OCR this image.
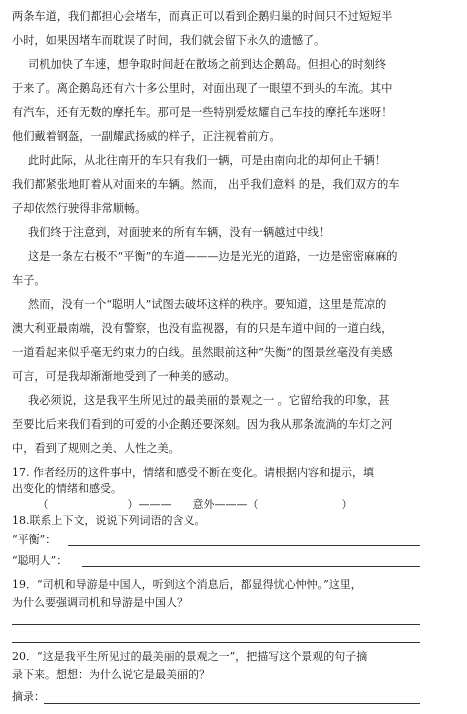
两条车道，我们都担心会堵车，而真正可以看到企鹅归巢的时间只不过短短半
小时，如果因堵车而耽误了时间，我们就会留下永久的遗憾了。
司机加快了车速，想争取时间赶在散场之前到达企鹅岛。但担心的时刻终
于来了。离企鹅岛还有六十多公里时，对面出现了一眼望不到头的车流。其中
有汽车，还有无数的摩托车。那可是一些特别爱炫耀自己车技的摩托车迷呀！
他们戴着钢盔，一副耀武扬威的样子，正注视着前方。
此时此际，从北往南开的车只有我们一辆，可是由南向北的却何止千辆！
我们都紧张地盯着从对面来的车辆。然而， 出乎我们意料 的是，我们双方的车
子却依然行驶得非常顺畅。
我们终于注意到，对面驶来的所有车辆，没有一辆越过中线！
这是一条左右极不“平衡”的车道———边是光光的道路，一边是密密麻麻的
车子。
然而，没有一个“聪明人”试图去破坏这样的秩序。要知道，这里是荒凉的
澳大利亚最南端，没有警察，也没有监视器，有的只是车道中间的一道白线，
一道看起来似乎毫无约束力的白线。虽然眼前这种“失衡”的图景丝毫没有美感
可言，可是我却渐渐地受到了一种美的感动。
我必须说，这是我平生所见过的最美丽的景观之一 。它留给我的印象，甚
至要比后来我们看到的可爱的小企鹅还要深刻。因为我从那条流淌的车灯之河
中，看到了规则之美、人性之美。
17. 作者经历的这件事中，情绪和感受不断在变化。请根据内容和提示，填
出变化的情绪和感受。
（	）——— 意外———（	）
18.联系上下文，说说下列词语的含义。
“平衡”：
“聪明人”：
19．“司机和导游是中国人，听到这个消息后，都显得忧心忡忡。”这里，
为什么要强调司机和导游是中国人？
20．“这是我平生所见过的最美丽的景观之一”，把描写这个景观的句子摘
录下来。想想：为什么说它是最美丽的？
摘录：
